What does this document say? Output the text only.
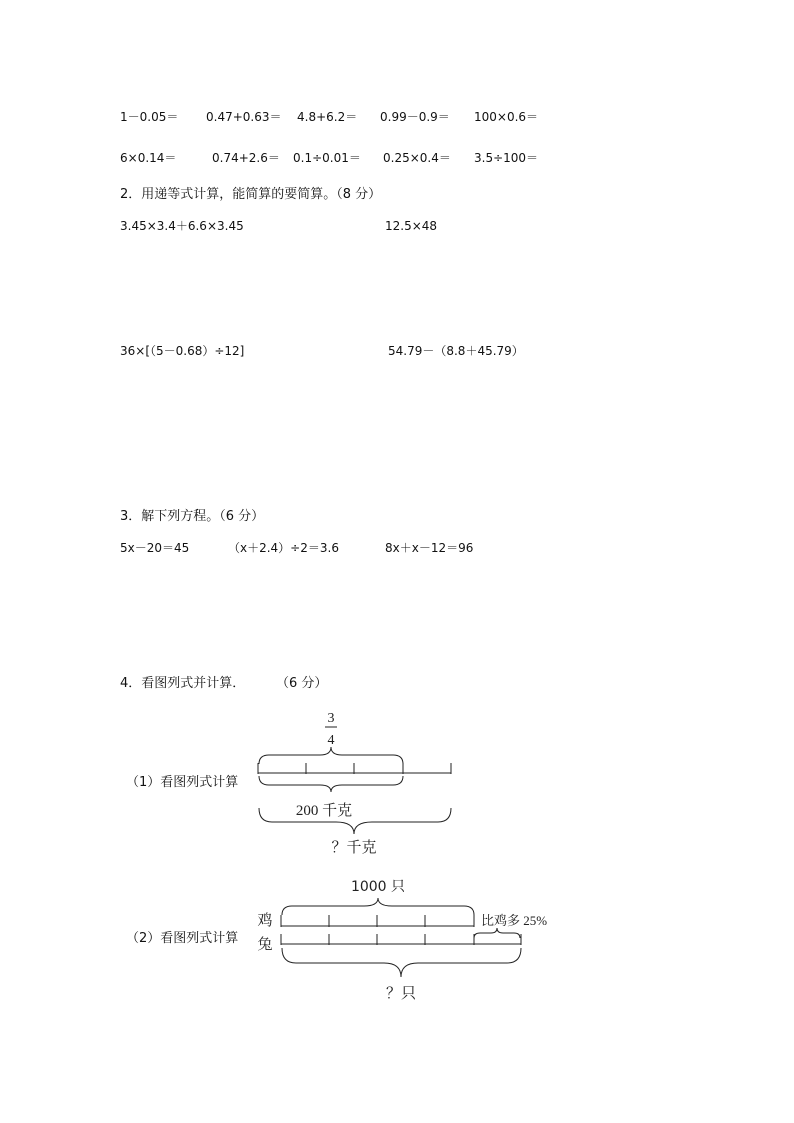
1－0.05＝ 0.47+0.63＝ 4.8+6.2＝ 0.99－0.9＝ 100×0.6＝
6×0.14＝	0.74+2.6＝ 0.1÷0.01＝ 0.25×0.4＝ 3.5÷100＝
2．用递等式计算，能简算的要简算。（8 分）
3.45×3.4＋6.6×3.45	12.5×48
36×[（5－0.68）÷12]	54.79－（8.8＋45.79）
3．解下列方程。（6 分）
5x－20＝45	（x＋2.4）÷2＝3.6	8x＋x－12＝96
4．看图列式并计算． （6 分）
（1）看图列式计算
（2）看图列式计算
3
4
200 千克
？千克
1000 只
鸡
兔
比鸡多 25%
？只
